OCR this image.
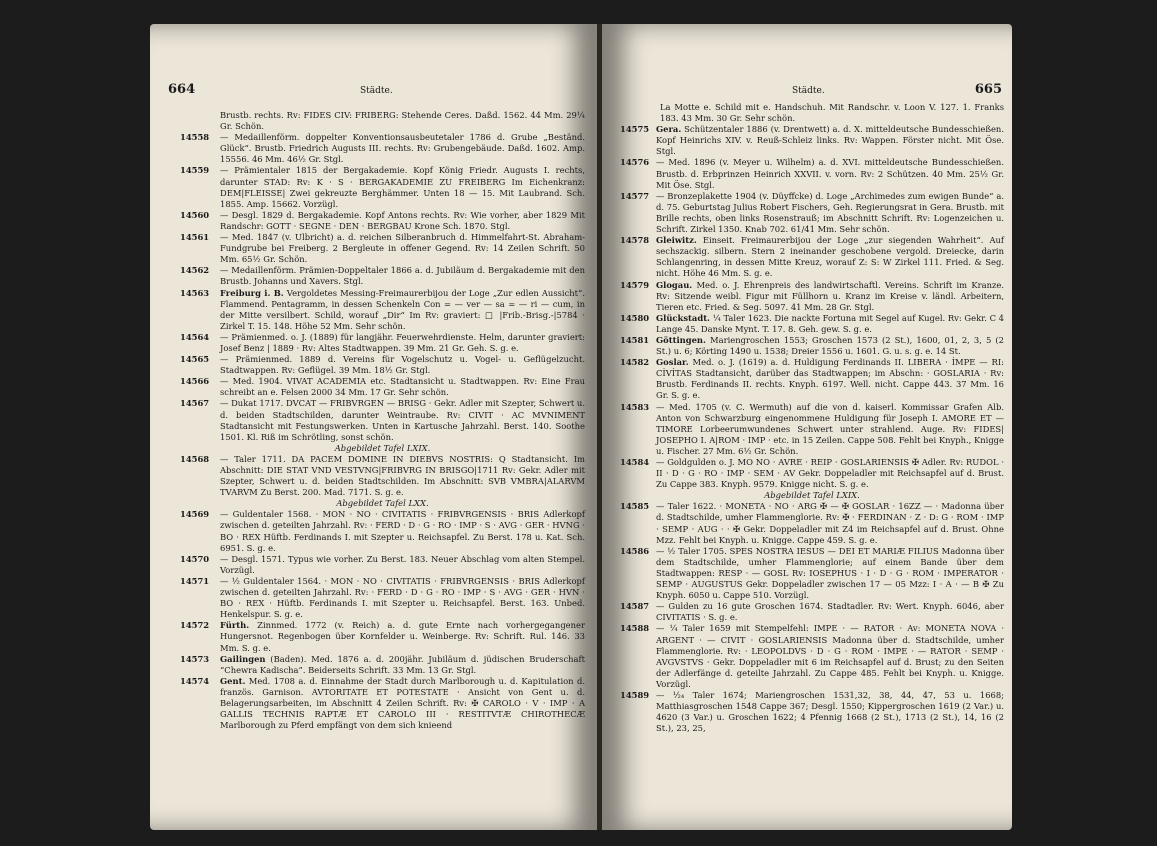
664	Städte.
Brustb. rechts. Rv: FIDES CIV: FRIBERG: Stehende Ceres. Daßd. 1562. 44 Mm. 29¼ Gr. Schön.
14558	— Medaillenförm. doppelter Konventionsausbeutetaler 1786 d. Grube „Beständ. Glück“. Brustb. Friedrich Augusts III. rechts. Rv: Grubengebäude. Daßd. 1602. Amp. 15556. 46 Mm. 46½ Gr. Stgl.
14559	— Prämientaler 1815 der Bergakademie. Kopf König Friedr. Augusts I. rechts, darunter STAD: Rv: K · S · BERGAKADEMIE ZU FREIBERG Im Eichenkranz: DEM|FLEISSE| Zwei gekreuzte Berghämmer. Unten 18 — 15. Mit Laubrand. Sch. 1855. Amp. 15662. Vorzügl.
14560	— Desgl. 1829 d. Bergakademie. Kopf Antons rechts. Rv: Wie vorher, aber 1829 Mit Randschr: GOTT · SEGNE · DEN · BERGBAU Krone Sch. 1870. Stgl.
14561	— Med. 1847 (v. Ulbricht) a. d. reichen Silberanbruch d. Himmelfahrt-St. Abraham-Fundgrube bei Freiberg. 2 Bergleute in offener Gegend. Rv: 14 Zeilen Schrift. 50 Mm. 65½ Gr. Schön.
14562	— Medaillenförm. Prämien-Doppeltaler 1866 a. d. Jubiläum d. Bergakademie mit den Brustb. Johanns und Xavers. Stgl.
14563	Freiburg i. B. Vergoldetes Messing-Freimaurerbijou der Loge „Zur edlen Aussicht“. Flammend. Pentagramm, in dessen Schenkeln Con = — ver — sa = — ri — cum, in der Mitte versilbert. Schild, worauf „Dir“ Im Rv: graviert: □ |Frib.-Brisg.-|5784 · Zirkel T. 15. 148. Höhe 52 Mm. Sehr schön.
14564	— Prämienmed. o. J. (1889) für langjähr. Feuerwehrdienste. Helm, darunter graviert: Josef Benz | 1889 · Rv: Altes Stadtwappen. 39 Mm. 21 Gr. Geh. S. g. e.
14565	— Prämienmed. 1889 d. Vereins für Vogelschutz u. Vogel- u. Geflügelzucht. Stadtwappen. Rv: Geflügel. 39 Mm. 18½ Gr. Stgl.
14566	— Med. 1904. VIVAT ACADEMIA etc. Stadtansicht u. Stadtwappen. Rv: Eine Frau schreibt an e. Felsen 2000 34 Mm. 17 Gr. Sehr schön.
14567	— Dukat 1717. DVCAT — FRIBVRGEN — BRISG · Gekr. Adler mit Szepter, Schwert u. d. beiden Stadtschilden, darunter Weintraube. Rv: CIVIT · AC MVNIMENT Stadtansicht mit Festungswerken. Unten in Kartusche Jahrzahl. Berst. 140. Soothe 1501. Kl. Riß im Schrötling, sonst schön.
Abgebildet Tafel LXIX.
14568	— Taler 1711. DA PACEM DOMINE IN DIEBVS NOSTRIS: Q Stadtansicht. Im Abschnitt: DIE STAT VND VESTVNG|FRIBVRG IN BRISGO|1711 Rv: Gekr. Adler mit Szepter, Schwert u. d. beiden Stadtschilden. Im Abschnitt: SVB VMBRA|ALARVM TVARVM Zu Berst. 200. Mad. 7171. S. g. e.
Abgebildet Tafel LXX.
14569	— Guldentaler 1568. · MON · NO · CIVITATIS · FRIBVRGENSIS · BRIS Adlerkopf zwischen d. geteilten Jahrzahl. Rv: · FERD · D · G · RO · IMP · S · AVG · GER · HVNG · BO · REX Hüftb. Ferdinands I. mit Szepter u. Reichsapfel. Zu Berst. 178 u. Kat. Sch. 6951. S. g. e.
14570	— Desgl. 1571. Typus wie vorher. Zu Berst. 183. Neuer Abschlag vom alten Stempel. Vorzügl.
14571	— ½ Guldentaler 1564. · MON · NO · CIVITATIS · FRIBVRGENSIS · BRIS Adlerkopf zwischen d. geteilten Jahrzahl. Rv: · FERD · D · G · RO · IMP · S · AVG · GER · HVN · BO · REX · Hüftb. Ferdinands I. mit Szepter u. Reichsapfel. Berst. 163. Unbed. Henkelspur. S. g. e.
14572	Fürth. Zinnmed. 1772 (v. Reich) a. d. gute Ernte nach vorhergegangener Hungersnot. Regenbogen über Kornfelder u. Weinberge. Rv: Schrift. Rul. 146. 33 Mm. S. g. e.
14573	Gailingen (Baden). Med. 1876 a. d. 200jähr. Jubiläum d. jüdischen Bruderschaft “Chewra Kadischa”. Beiderseits Schrift. 33 Mm. 13 Gr. Stgl.
14574	Gent. Med. 1708 a. d. Einnahme der Stadt durch Marlborough u. d. Kapitulation d. französ. Garnison. AVTORITATE ET POTESTATE · Ansicht von Gent u. d. Belagerungsarbeiten, im Abschnitt 4 Zeilen Schrift. Rv: ✠ CAROLO · V · IMP · A GALLIS TECHNIS RAPTÆ ET CAROLO III · RESTITVTÆ CHIROTHECÆ Marlborough zu Pferd empfängt von dem sich knieend
Städte.	665
La Motte e. Schild mit e. Handschuh. Mit Randschr. v. Loon V. 127. 1. Franks 183. 43 Mm. 30 Gr. Sehr schön.
14575 Gera. Schützentaler 1886 (v. Drentwett) a. d. X. mitteldeutsche Bundesschießen. Kopf Heinrichs XIV. v. Reuß-Schleiz links. Rv: Wappen. Förster nicht. Mit Öse. Stgl.
14576 — Med. 1896 (v. Meyer u. Wilhelm) a. d. XVI. mitteldeutsche Bundesschießen. Brustb. d. Erbprinzen Heinrich XXVII. v. vorn. Rv: 2 Schützen. 40 Mm. 25½ Gr. Mit Öse. Stgl.
14577 — Bronzeplakette 1904 (v. Düyffcke) d. Loge „Archimedes zum ewigen Bunde“ a. d. 75. Geburtstag Julius Robert Fischers, Geh. Regierungsrat in Gera. Brustb. mit Brille rechts, oben links Rosenstrauß; im Abschnitt Schrift. Rv: Logenzeichen u. Schrift. Zirkel 1350. Knab 702. 61/41 Mm. Sehr schön.
14578 Gleiwitz. Einseit. Freimaurerbijou der Loge „zur siegenden Wahrheit“. Auf sechszackig. silbern. Stern 2 ineinander geschobene vergold. Dreiecke, darin Schlangenring, in dessen Mitte Kreuz, worauf Z: S: W Zirkel 111. Fried. & Seg. nicht. Höhe 46 Mm. S. g. e.
14579 Glogau. Med. o. J. Ehrenpreis des landwirtschaftl. Vereins. Schrift im Kranze. Rv: Sitzende weibl. Figur mit Füllhorn u. Kranz im Kreise v. ländl. Arbeitern, Tieren etc. Fried. & Seg. 5097. 41 Mm. 28 Gr. Stgl.
14580 Glückstadt. ¼ Taler 1623. Die nackte Fortuna mit Segel auf Kugel. Rv: Gekr. C 4 Lange 45. Danske Mynt. T. 17. 8. Geh. gew. S. g. e.
14581 Göttingen. Mariengroschen 1553; Groschen 1573 (2 St.), 1600, 01, 2, 3, 5 (2 St.) u. 6; Körting 1490 u. 1538; Dreier 1556 u. 1601. G. u. s. g. e. 14 St.
14582 Goslar. Med. o. J. (1619) a. d. Huldigung Ferdinands II. LIBERA · İMPE — RI: CİVİTAS Stadtansicht, darüber das Stadtwappen; im Abschn: · GOSLARIA · Rv: Brustb. Ferdinands II. rechts. Knyph. 6197. Well. nicht. Cappe 443. 37 Mm. 16 Gr. S. g. e.
14583 — Med. 1705 (v. C. Wermuth) auf die von d. kaiserl. Kommissar Grafen Alb. Anton von Schwarzburg eingenommene Huldigung für Joseph I. AMORE ET — TIMORE Lorbeerumwundenes Schwert unter strahlend. Auge. Rv: FIDES| JOSEPHO I. A|ROM · IMP · etc. in 15 Zeilen. Cappe 508. Fehlt bei Knyph., Knigge u. Fischer. 27 Mm. 6½ Gr. Schön.
14584 — Goldgulden o. J. MO NO · AVRE · REIP · GOSLARIENSIS ✠ Adler. Rv: RUDOL · II · D · G · RO · IMP · SEM · AV Gekr. Doppeladler mit Reichsapfel auf d. Brust. Zu Cappe 383. Knyph. 9579. Knigge nicht. S. g. e.
Abgebildet Tafel LXIX.
14585 — Taler 1622. · MONETA · NO · ARG ✠ — ✠ GOSLAR · 16ZZ — · Madonna über d. Stadtschilde, umher Flammenglorie. Rv: ✠ · FERDINAN · Z · D: G · ROM · IMP · SEMP · AUG · · ✠ Gekr. Doppeladler mit Z4 im Reichsapfel auf d. Brust. Ohne Mzz. Fehlt bei Knyph. u. Knigge. Cappe 459. S. g. e.
14586 — ½ Taler 1705. SPES NOSTRA IESUS — DEI ET MARIÆ FILIUS Madonna über dem Stadtschilde, umher Flammenglorie; auf einem Bande über dem Stadtwappen: RESP · — GOSL Rv: IOSEPHUS · I · D · G · ROM · IMPERATOR · SEMP · AUGUSTUS Gekr. Doppeladler zwischen 17 — 05 Mzz: I · A · — B ✠ Zu Knyph. 6050 u. Cappe 510. Vorzügl.
14587 — Gulden zu 16 gute Groschen 1674. Stadtadler. Rv: Wert. Knyph. 6046, aber CIVITATIS · S. g. e.
14588 — ¼ Taler 1659 mit Stempelfehl: IMPE · — RATOR · Av: MONETA NOVA · ARGENT · — CIVIT · GOSLARIENSIS Madonna über d. Stadtschilde, umher Flammenglorie. Rv: · LEOPOLDVS · D · G · ROM · IMPE · — RATOR · SEMP · AVGVSTVS · Gekr. Doppeladler mit 6 im Reichsapfel auf d. Brust; zu den Seiten der Adlerfänge d. geteilte Jahrzahl. Zu Cappe 485. Fehlt bei Knyph. u. Knigge. Vorzügl.
14589 — ¹⁄₂₄ Taler 1674; Mariengroschen 1531,32, 38, 44, 47, 53 u. 1668; Matthiasgroschen 1548 Cappe 367; Desgl. 1550; Kippergroschen 1619 (2 Var.) u. 4620 (3 Var.) u. Groschen 1622; 4 Pfennig 1668 (2 St.), 1713 (2 St.), 14, 16 (2 St.), 23, 25,
